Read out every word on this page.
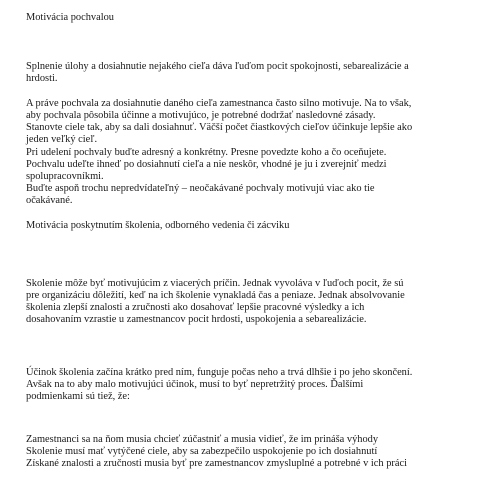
Motivácia pochvalou
Splnenie úlohy a dosiahnutie nejakého cieľa dáva ľuďom pocit spokojnosti, sebarealizácie a
hrdosti.
A práve pochvala za dosiahnutie daného cieľa zamestnanca často silno motivuje. Na to však,
aby pochvala pôsobila účinne a motivujúco, je potrebné dodržať nasledovné zásady.
Stanovte ciele tak, aby sa dali dosiahnuť. Väčší počet čiastkových cieľov účinkuje lepšie ako
jeden veľký cieľ.
Pri udelení pochvaly buďte adresný a konkrétny. Presne povedzte koho a čo oceňujete.
Pochvalu udeľte ihneď po dosiahnutí cieľa a nie neskôr, vhodné je ju i zverejniť medzi
spolupracovníkmi.
Buďte aspoň trochu nepredvídateľný – neočakávané pochvaly motivujú viac ako tie
očakávané.
Motivácia poskytnutím školenia, odborného vedenia či zácviku
Skolenie môže byť motivujúcim z viacerých príčin. Jednak vyvoláva v ľuďoch pocit, že sú
pre organizáciu dôležití, keď na ich školenie vynakladá čas a peniaze. Jednak absolvovanie
školenia zlepší znalosti a zručnosti ako dosahovať lepšie pracovné výsledky a ich
dosahovaním vzrastie u zamestnancov pocit hrdosti, uspokojenia a sebarealizácie.
Účinok školenia začína krátko pred ním, funguje počas neho a trvá dlhšie i po jeho skončení.
Avšak na to aby malo motivujúci účinok, musí to byť nepretržitý proces. Ďalšími
podmienkami sú tiež, že:
Zamestnanci sa na ňom musia chcieť zúčastniť a musia vidieť, že im prináša výhody
Skolenie musí mať vytýčené ciele, aby sa zabezpečilo uspokojenie po ich dosiahnutí
Získané znalosti a zručnosti musia byť pre zamestnancov zmysluplné a potrebné v ich práci
